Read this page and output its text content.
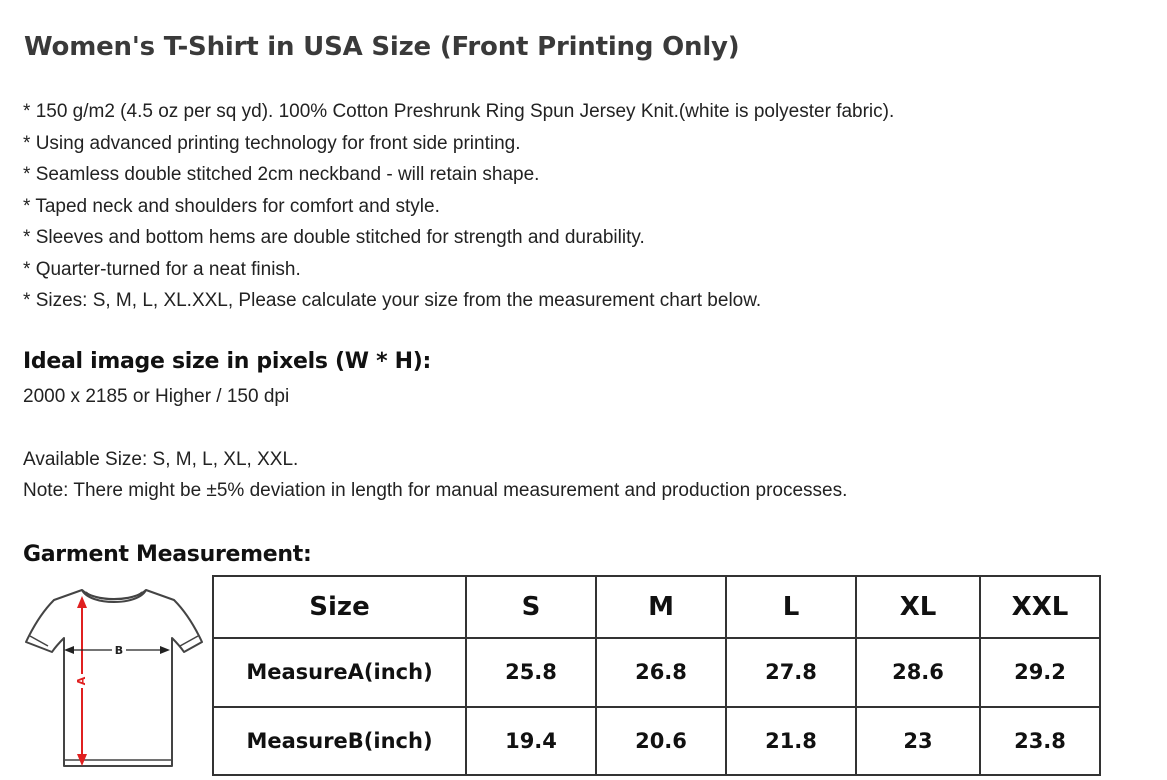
Women's T-Shirt in USA Size (Front Printing Only)
* 150 g/m2 (4.5 oz per sq yd). 100% Cotton Preshrunk Ring Spun Jersey Knit.(white is polyester fabric).
* Using advanced printing technology for front side printing.
* Seamless double stitched 2cm neckband - will retain shape.
* Taped neck and shoulders for comfort and style.
* Sleeves and bottom hems are double stitched for strength and durability.
* Quarter-turned for a neat finish.
* Sizes: S, M, L, XL.XXL, Please calculate your size from the measurement chart below.
Ideal image size in pixels (W * H):
2000 x 2185 or Higher / 150 dpi
Available Size: S, M, L, XL, XXL.
Note: There might be ±5% deviation in length for manual measurement and production processes.
Garment Measurement:
B
A
Size	S	M	L	XL	XXL
MeasureA(inch)	25.8	26.8	27.8	28.6	29.2
MeasureB(inch)	19.4	20.6	21.8	23	23.8
